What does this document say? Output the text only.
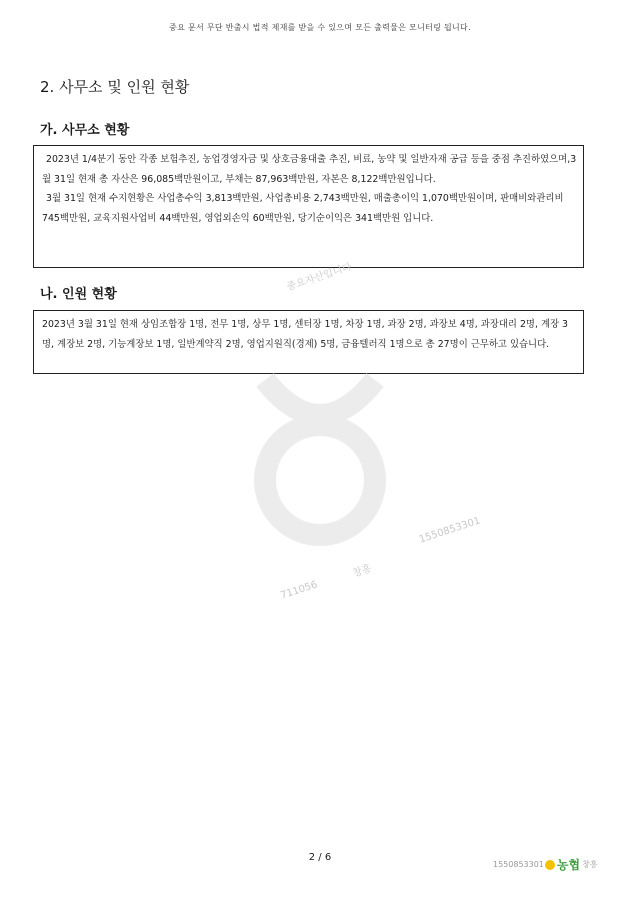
중요 문서 무단 반출시 법적 제재를 받을 수 있으며 모든 출력물은 모니터링 됩니다.
2. 사무소 및 인원 현황
가. 사무소 현황

2023년 1/4분기 동안 각종 보험추진, 농업경영자금 및 상호금융대출 추진, 비료, 농약 및 일반자재 공급 등을 중점 추진하였으며,3월 31일 현재 총 자산은 96,085백만원이고, 부채는 87,963백만원, 자본은 8,122백만원입니다.

3월 31일 현재 수지현황은 사업총수익 3,813백만원, 사업총비용 2,743백만원, 매출총이익 1,070백만원이며, 판매비와관리비 745백만원, 교육지원사업비 44백만원, 영업외손익 60백만원, 당기순이익은 341백만원 입니다.

나. 인원 현황

2023년 3월 31일 현재 상임조합장 1명, 전무 1명, 상무 1명, 센터장 1명, 차장 1명, 과장 2명, 과장보 4명, 과장대리 2명, 계장 3명, 계장보 2명, 기능계장보 1명, 일반계약직 2명, 영업지원직(경제) 5명, 금융텔러직 1명으로 총 27명이 근무하고 있습니다.

중요자산입니다
1550853301
711056
창흥
2 / 6
1550853301 농협 창흥
